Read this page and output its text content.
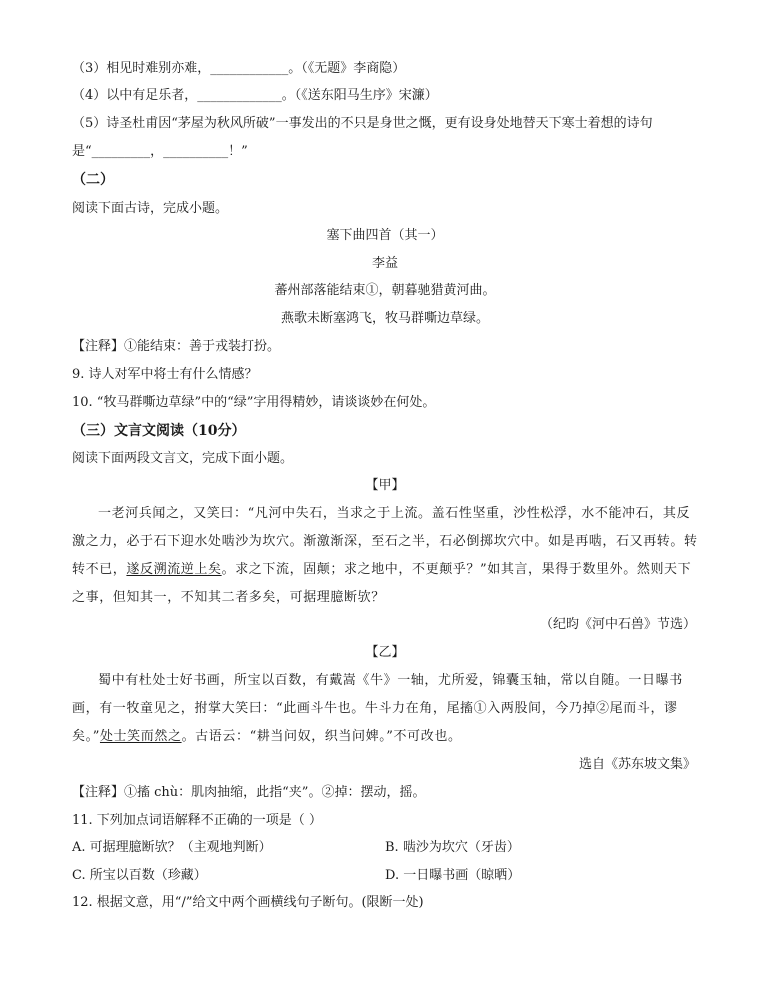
（3）相见时难别亦难，____________。（《无题》李商隐）
（4）以中有足乐者，_____________。（《送东阳马生序》宋濂）
（5）诗圣杜甫因“茅屋为秋风所破”一事发出的不只是身世之慨，更有设身处地替天下寒士着想的诗句
是“_________，__________！”
（二）
阅读下面古诗，完成小题。
塞下曲四首（其一）
李益
蕃州部落能结束①，朝暮驰猎黄河曲。
燕歌未断塞鸿飞，牧马群嘶边草绿。
【注释】①能结束：善于戎装打扮。
9. 诗人对军中将士有什么情感？
10. “牧马群嘶边草绿”中的“绿”字用得精妙，请谈谈妙在何处。
（三）文言文阅读（10分）
阅读下面两段文言文，完成下面小题。
【甲】
一老河兵闻之，又笑曰：“凡河中失石，当求之于上流。盖石性坚重，沙性松浮，水不能冲石，其反
激之力，必于石下迎水处啮沙为坎穴。渐激渐深，至石之半，石必倒掷坎穴中。如是再啮，石又再转。转
转不已，遂反溯流逆上矣。求之下流，固颠；求之地中，不更颠乎？”如其言，果得于数里外。然则天下
之事，但知其一，不知其二者多矣，可据理臆断欤？
（纪昀《河中石兽》节选）
【乙】
蜀中有杜处士好书画，所宝以百数，有戴嵩《牛》一轴，尤所爱，锦囊玉轴，常以自随。一日曝书
画，有一牧童见之，拊掌大笑曰：“此画斗牛也。牛斗力在角，尾搐①入两股间，今乃掉②尾而斗，谬
矣。”处士笑而然之。古语云：“耕当问奴，织当问婢。”不可改也。
选自《苏东坡文集》
【注释】①搐 chù：肌肉抽缩，此指“夹”。②掉：摆动，摇。
11. 下列加点词语解释不正确的一项是（ ）
A. 可据理臆断欤？（主观地判断）	B. 啮沙为坎穴（牙齿）
C. 所宝以百数（珍藏）	D. 一日曝书画（晾晒）
12. 根据文意，用“/”给文中两个画横线句子断句。(限断一处)
